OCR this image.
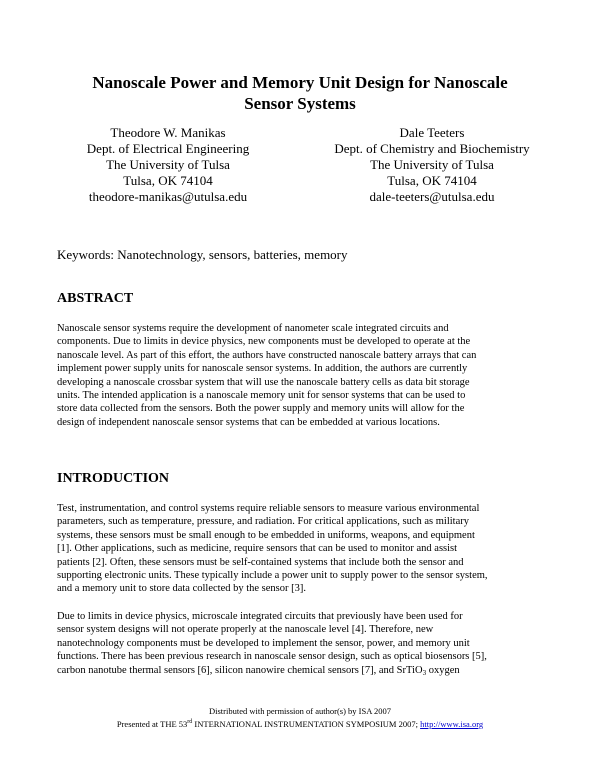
Nanoscale Power and Memory Unit Design for Nanoscale
Sensor Systems
Theodore W. Manikas
Dept. of Electrical Engineering
The University of Tulsa
Tulsa, OK 74104
theodore-manikas@utulsa.edu
Dale Teeters
Dept. of Chemistry and Biochemistry
The University of Tulsa
Tulsa, OK 74104
dale-teeters@utulsa.edu
Keywords: Nanotechnology, sensors, batteries, memory
ABSTRACT
Nanoscale sensor systems require the development of nanometer scale integrated circuits and
components. Due to limits in device physics, new components must be developed to operate at the
nanoscale level. As part of this effort, the authors have constructed nanoscale battery arrays that can
implement power supply units for nanoscale sensor systems. In addition, the authors are currently
developing a nanoscale crossbar system that will use the nanoscale battery cells as data bit storage
units. The intended application is a nanoscale memory unit for sensor systems that can be used to
store data collected from the sensors. Both the power supply and memory units will allow for the
design of independent nanoscale sensor systems that can be embedded at various locations.
INTRODUCTION
Test, instrumentation, and control systems require reliable sensors to measure various environmental
parameters, such as temperature, pressure, and radiation. For critical applications, such as military
systems, these sensors must be small enough to be embedded in uniforms, weapons, and equipment
[1]. Other applications, such as medicine, require sensors that can be used to monitor and assist
patients [2]. Often, these sensors must be self-contained systems that include both the sensor and
supporting electronic units. These typically include a power unit to supply power to the sensor system,
and a memory unit to store data collected by the sensor [3].
Due to limits in device physics, microscale integrated circuits that previously have been used for
sensor system designs will not operate properly at the nanoscale level [4]. Therefore, new
nanotechnology components must be developed to implement the sensor, power, and memory unit
functions. There has been previous research in nanoscale sensor design, such as optical biosensors [5],
carbon nanotube thermal sensors [6], silicon nanowire chemical sensors [7], and SrTiO$_3$ oxygen
Distributed with permission of author(s) by ISA 2007
Presented at THE 53rd INTERNATIONAL INSTRUMENTATION SYMPOSIUM 2007; http://www.isa.org
